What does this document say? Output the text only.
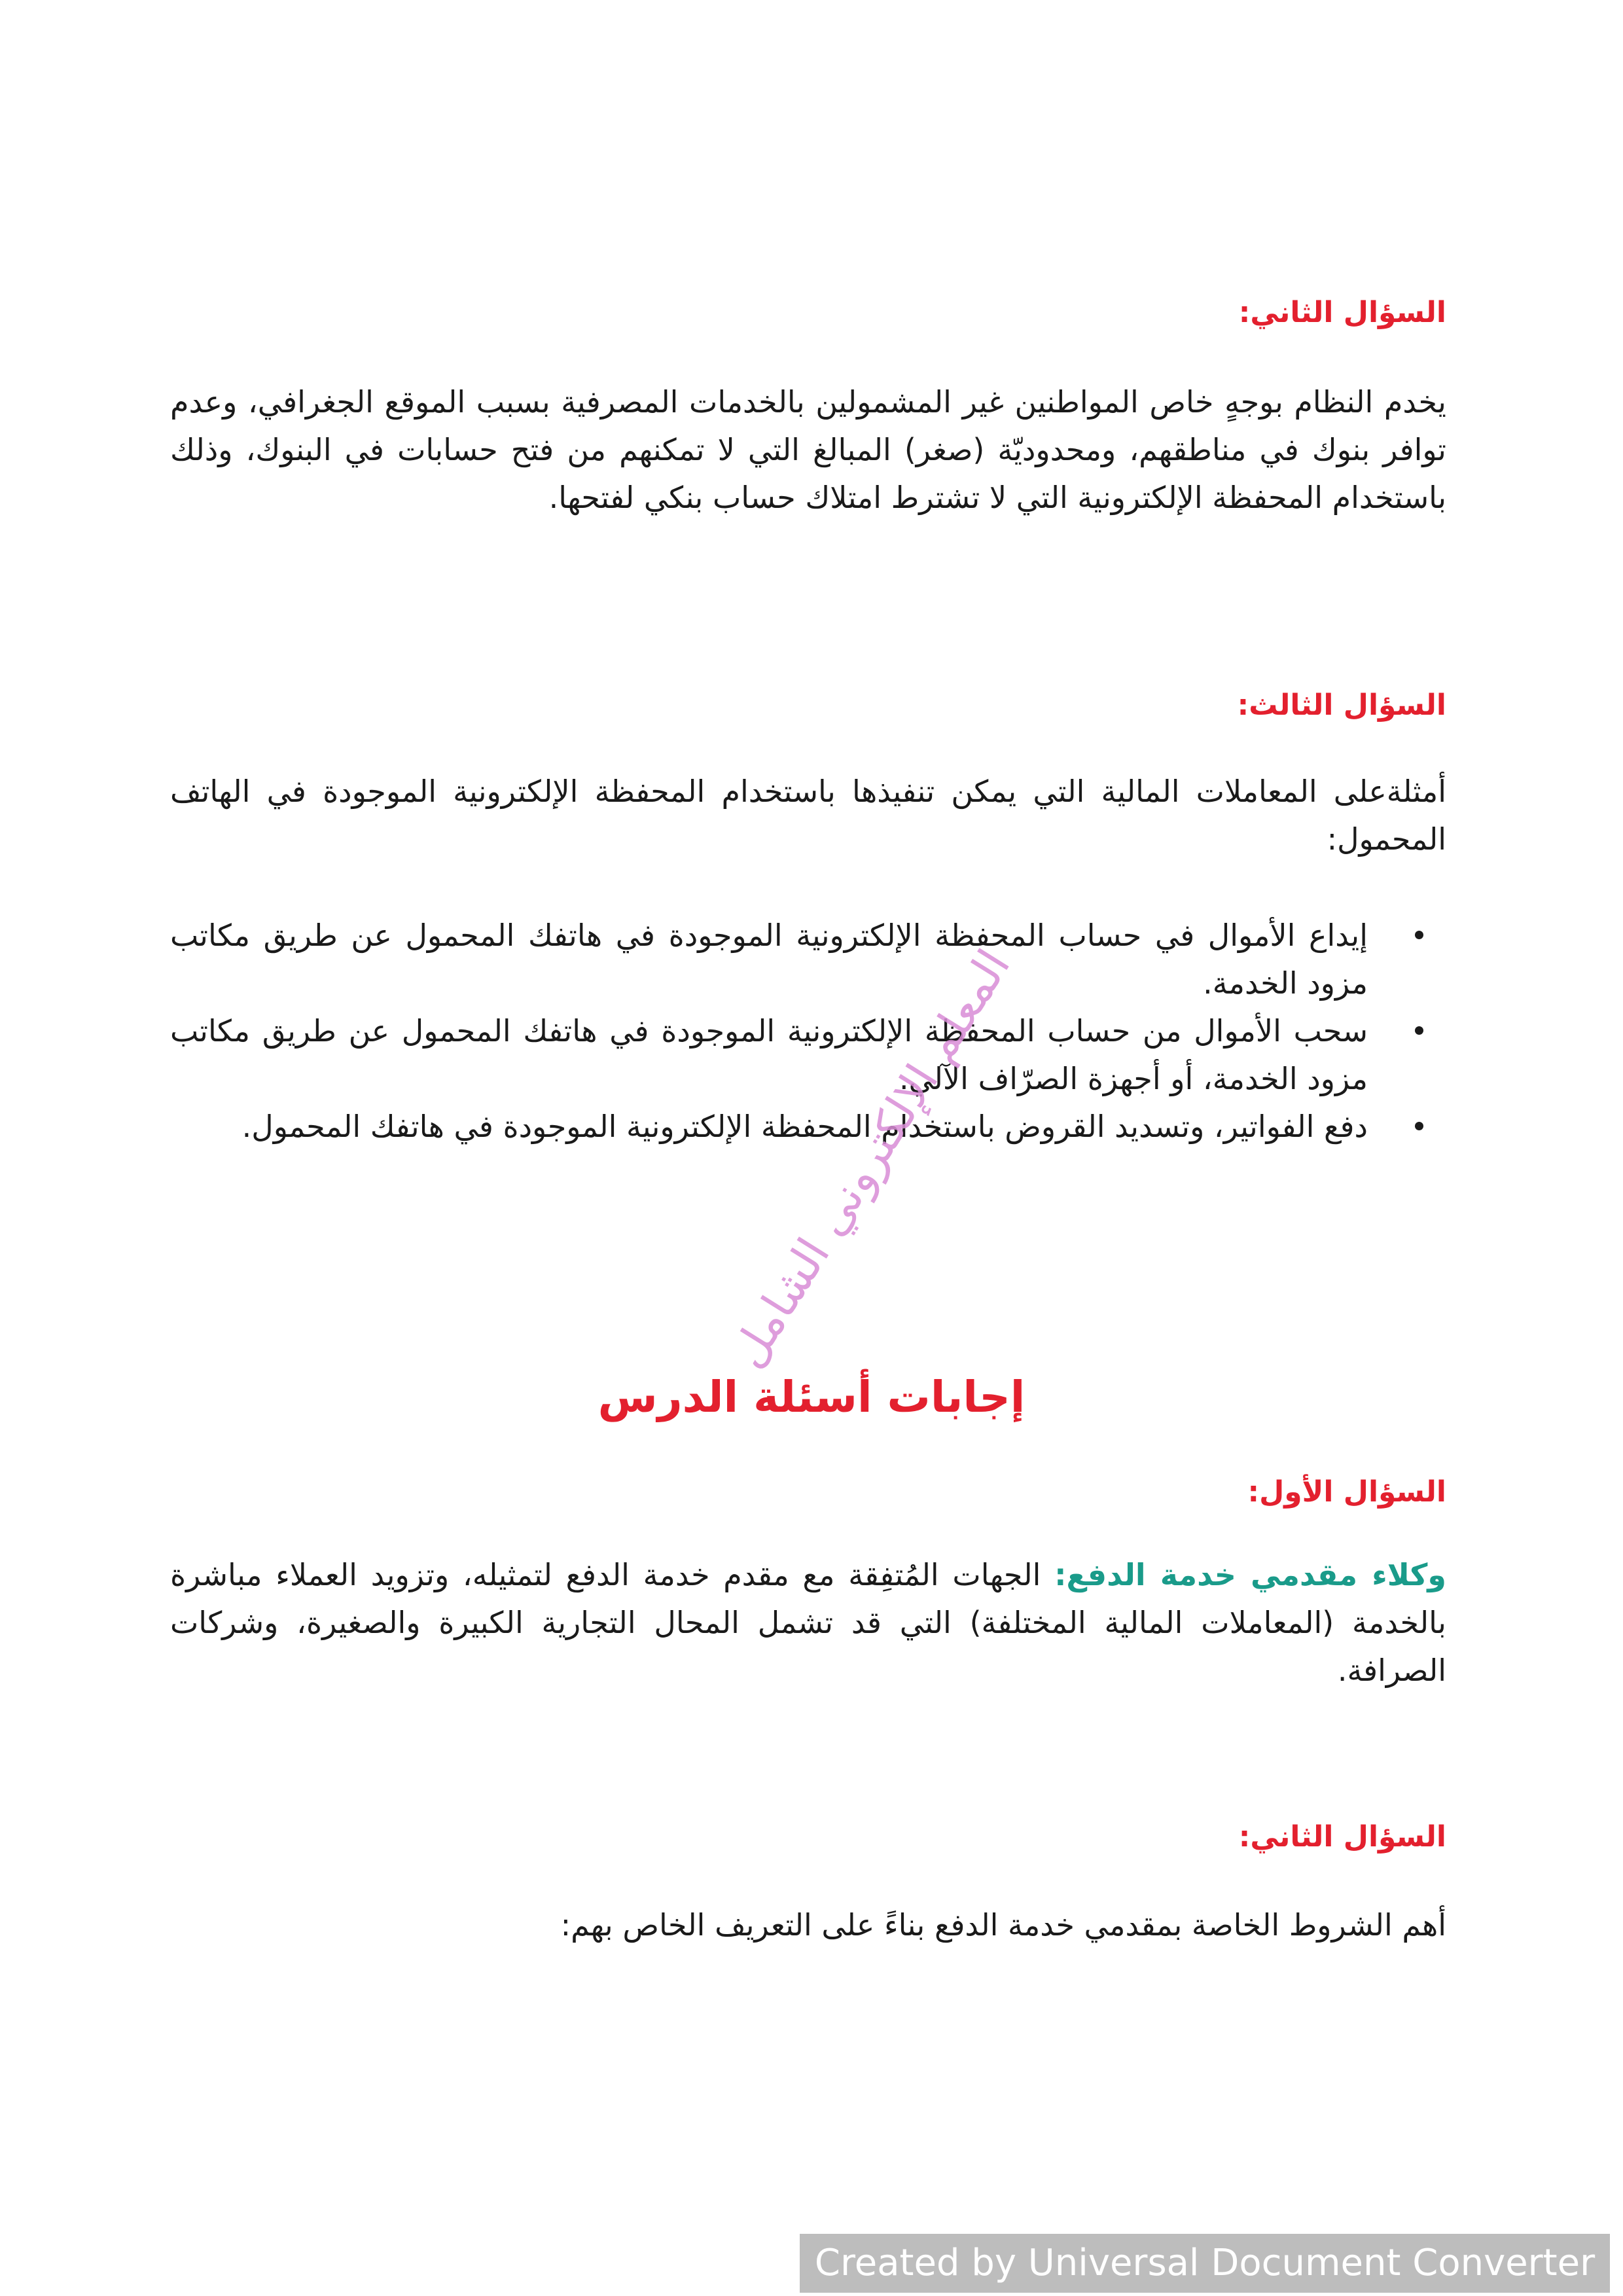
السؤال الثاني:
يخدم النظام بوجهٍ خاص المواطنين غير المشمولين بالخدمات المصرفية بسبب الموقع الجغرافي، وعدم توافر بنوك في مناطقهم، ومحدوديّة (صغر) المبالغ التي لا تمكنهم من فتح حسابات في البنوك، وذلك باستخدام المحفظة الإلكترونية التي لا تشترط امتلاك حساب بنكي لفتحها.
السؤال الثالث:
أمثلةعلى المعاملات المالية التي يمكن تنفيذها باستخدام المحفظة الإلكترونية الموجودة في الهاتف المحمول:
إيداع الأموال في حساب المحفظة الإلكترونية الموجودة في هاتفك المحمول عن طريق مكاتب مزود الخدمة.
سحب الأموال من حساب المحفظة الإلكترونية الموجودة في هاتفك المحمول عن طريق مكاتب مزود الخدمة، أو أجهزة الصرّاف الآلي.
دفع الفواتير، وتسديد القروض باستخدام المحفظة الإلكترونية الموجودة في هاتفك المحمول.
المعلم الإلكتروني الشامل
إجابات أسئلة الدرس
السؤال الأول:
وكلاء مقدمي خدمة الدفع: الجهات المُتفِقة مع مقدم خدمة الدفع لتمثيله، وتزويد العملاء مباشرة بالخدمة (المعاملات المالية المختلفة) التي قد تشمل المحال التجارية الكبيرة والصغيرة، وشركات الصرافة.
السؤال الثاني:
أهم الشروط الخاصة بمقدمي خدمة الدفع بناءً على التعريف الخاص بهم:
Created by Universal Document Converter
